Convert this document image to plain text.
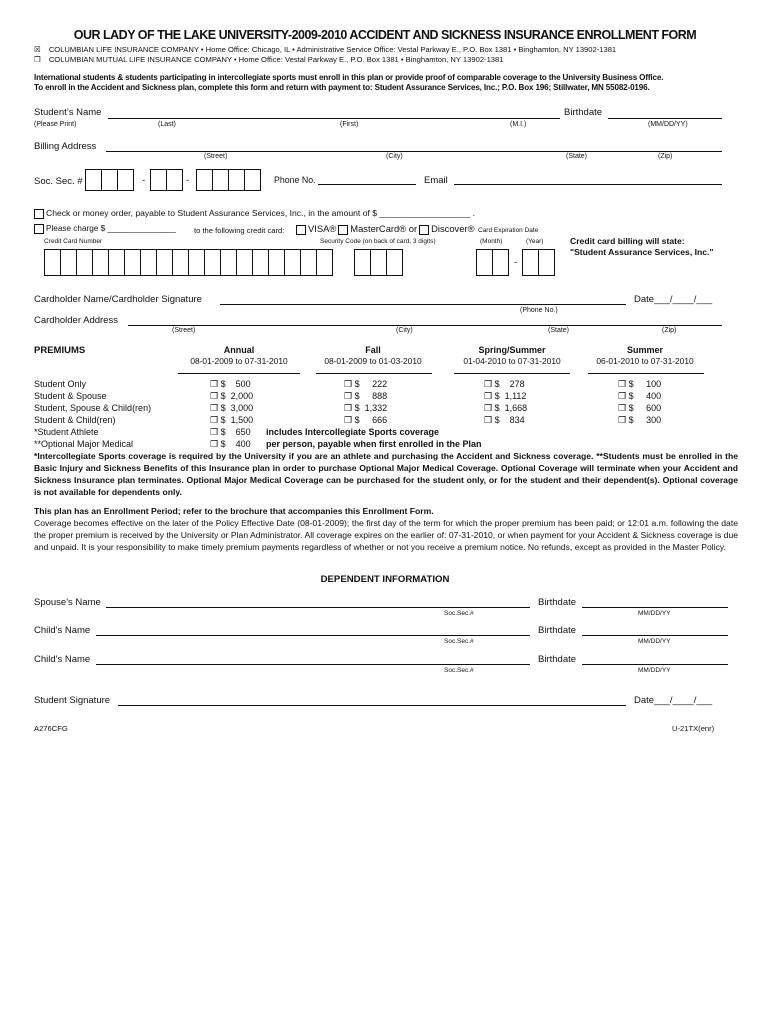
OUR LADY OF THE LAKE UNIVERSITY-2009-2010 ACCIDENT AND SICKNESS INSURANCE ENROLLMENT FORM
☒ COLUMBIAN LIFE INSURANCE COMPANY • Home Office: Chicago, IL • Administrative Service Office: Vestal Parkway E., P.O. Box 1381 • Binghamton, NY 13902-1381
❒ COLUMBIAN MUTUAL LIFE INSURANCE COMPANY • Home Office: Vestal Parkway E., P.O. Box 1381 • Binghamton, NY 13902-1381
International students & students participating in intercollegiate sports must enroll in this plan or provide proof of comparable coverage to the University Business Office.
To enroll in the Accident and Sickness plan, complete this form and return with payment to: Student Assurance Services, Inc.; P.O. Box 196; Stillwater, MN 55082-0196.
Student’s Name	Birthdate
(Please Print)	(Last)	(First)	(M.I.)	(MM/DD/YY)
Billing Address
(Street)	(City)	(State)	(Zip)
Soc. Sec. #	-	-	Phone No.	Email
Check or money order, payable to Student Assurance Services, Inc., in the amount of $ ___________________ .
Please charge $ _______________ to the following credit card:	VISA® MasterCard® or Discover® Card Expiration Date
Credit Card Number	Security Code (on back of card, 3 digits)	(Month)	(Year)	Credit card billing will state:
"Student Assurance Services, Inc."
-
Cardholder Name/Cardholder Signature	Date___/____/___
(Phone No.)
Cardholder Address
(Street)	(City)	(State)	(Zip)
PREMIUMS	Annual
08-01-2009 to 07-31-2010
Fall
08-01-2009 to 01-03-2010
Spring/Summer
01-04-2010 to 07-31-2010
Summer
06-01-2010 to 07-31-2010
Student Only	❒ $    500	❒ $     222	❒ $    278	❒ $     100
Student & Spouse	❒ $  2,000	❒ $     888	❒ $  1,112	❒ $     400
Student, Spouse & Child(ren)	❒ $  3,000	❒ $  1,332	❒ $  1,668	❒ $     600
Student & Child(ren)	❒ $  1,500	❒ $     666	❒ $    834	❒ $     300
*Student Athlete	❒ $    650 includes Intercollegiate Sports coverage
**Optional Major Medical	❒ $    400 per person, payable when first enrolled in the Plan
*Intercollegiate Sports coverage is required by the University if you are an athlete and purchasing the Accident and Sickness coverage. **Students must be enrolled in the Basic Injury and Sickness Benefits of this Insurance plan in order to purchase Optional Major Medical Coverage. Optional Coverage will terminate when your Accident and Sickness Insurance plan terminates. Optional Major Medical Coverage can be purchased for the student only, or for the student and their dependent(s). Optional coverage is not available for dependents only.
This plan has an Enrollment Period; refer to the brochure that accompanies this Enrollment Form.
Coverage becomes effective on the later of the Policy Effective Date (08-01-2009); the first day of the term for which the proper premium has been paid; or 12:01 a.m. following the date the proper premium is received by the University or Plan Administrator. All coverage expires on the earlier of: 07-31-2010, or when payment for your Accident & Sickness coverage is due and unpaid. It is your responsibility to make timely premium payments regardless of whether or not you receive a premium notice. No refunds, except as provided in the Master Policy.
DEPENDENT INFORMATION
Spouse's Name	Birthdate
Soc.Sec.#	MM/DD/YY
Child's Name	Birthdate
Soc.Sec.#	MM/DD/YY
Child's Name	Birthdate
Soc.Sec.#	MM/DD/YY
Student Signature	Date___/____/___
A276CFG	U-21TX(enr)
